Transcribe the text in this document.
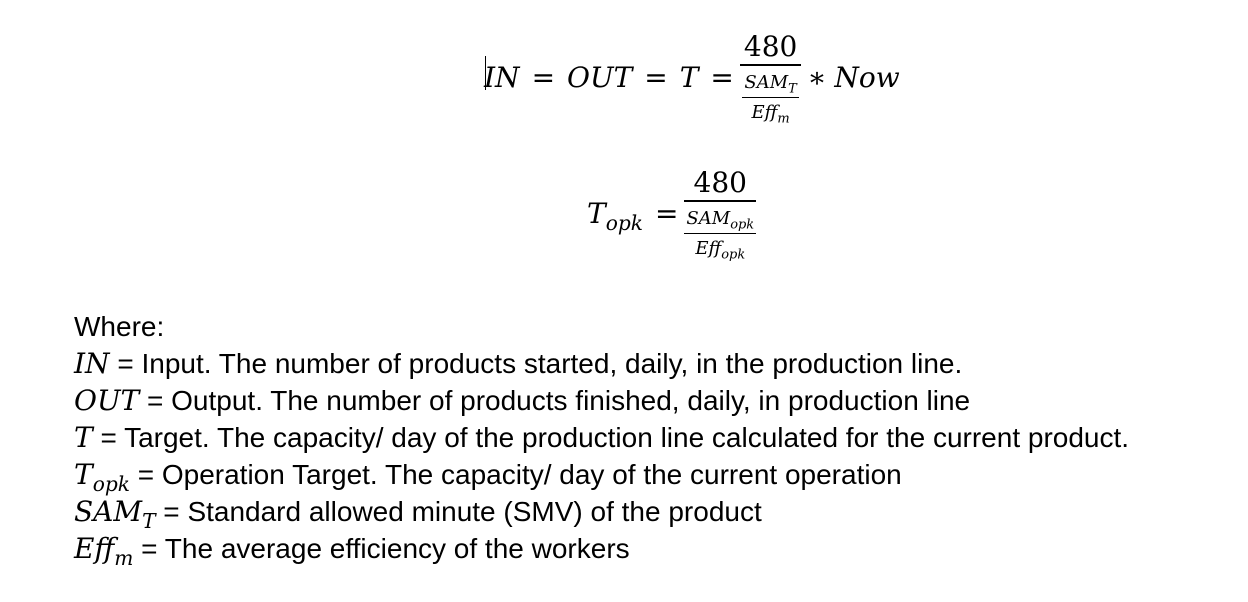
IN = OUT = T = 480
$SAM_T$
Eff$_m$ ∗ Now
$T_{opk} = 480$
$SAM_{opk}$
Eff$_{opk}$
Where:
IN = Input. The number of products started, daily, in the production line.
OUT = Output. The number of products finished, daily, in production line
T = Target. The capacity/ day of the production line calculated for the current product.
$T_{opk}$ = Operation Target. The capacity/ day of the current operation
$SAM_T$ = Standard allowed minute (SMV) of the product
Eff$_m$ = The average efficiency of the workers
